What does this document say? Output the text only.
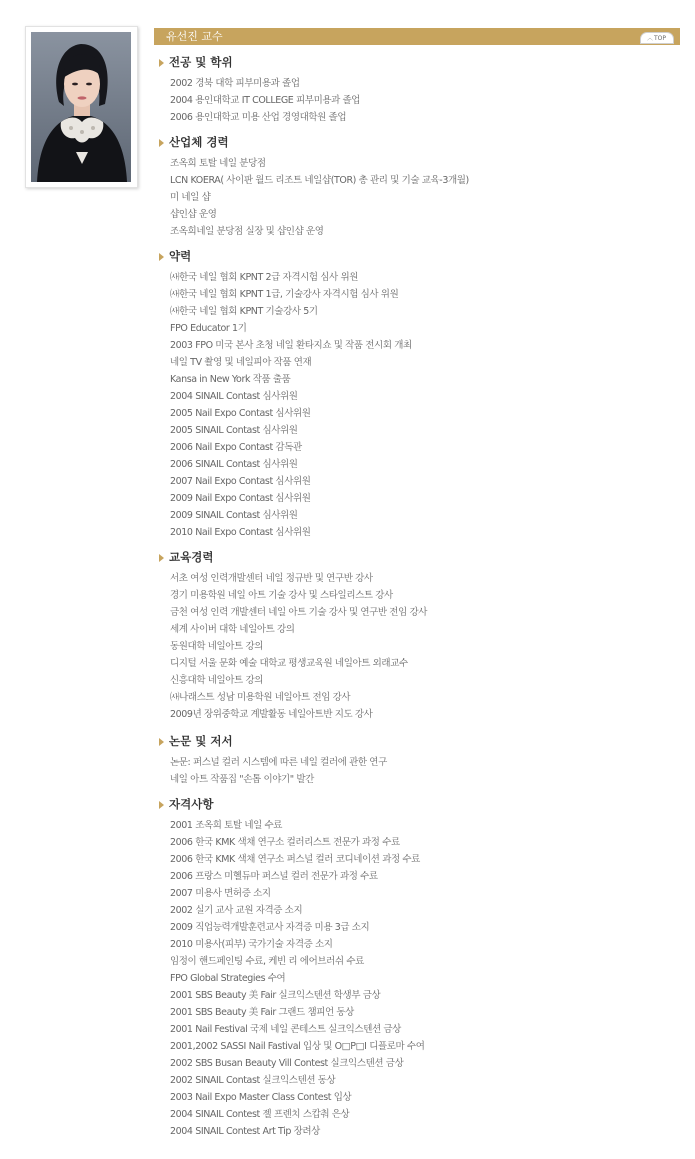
유선진 교수	︿ TOP
전공 및 학위
2002 경북 대학 피부미용과 졸업
2004 용인대학교 IT COLLEGE 피부미용과 졸업
2006 용인대학교 미용 산업 경영대학원 졸업
산업체 경력
조옥희 토탈 네일 분당점
LCN KOERA( 사이판 월드 리조트 네일샵(TOR) 총 관리 및 기술 교육-3개월)
미 네일 샵
샵인샵 운영
조옥희네일 분당점 실장 및 샵인샵 운영
약력
㈔한국 네일 협회 KPNT 2급 자격시험 심사 위원
㈔한국 네일 협회 KPNT 1급, 기술강사 자격시험 심사 위원
㈔한국 네일 협회 KPNT 기술강사 5기
FPO Educator 1기
2003 FPO 미국 본사 초청 네일 환타지쇼 및 작품 전시회 개최
네일 TV 촬영 및 네일피아 작품 연재
Kansa in New York 작품 출품
2004 SINAIL Contast 심사위원
2005 Nail Expo Contast 심사위원
2005 SINAIL Contast 심사위원
2006 Nail Expo Contast 감독관
2006 SINAIL Contast 심사위원
2007 Nail Expo Contast 심사위원
2009 Nail Expo Contast 심사위원
2009 SINAIL Contast 심사위원
2010 Nail Expo Contast 심사위원
교육경력
서초 여성 인력개발센터 네일 정규반 및 연구반 강사
경기 미용학원 네일 아트 기술 강사 및 스타일리스트 강사
금천 여성 인력 개발센터 네일 아트 기술 강사 및 연구반 전임 강사
세계 사이버 대학 네일아트 강의
동원대학 네일아트 강의
디지털 서울 문화 예술 대학교 평생교육원 네일아트 외래교수
신흥대학 네일아트 강의
㈔나래스트 성남 미용학원 네일아트 전임 강사
2009년 장위중학교 계발활동 네일아트반 지도 강사
논문 및 저서
논문: 퍼스널 컬러 시스템에 따른 네일 컬러에 관한 연구
네일 아트 작품집 "손톱 이야기" 발간
자격사항
2001 조옥희 토탈 네일 수료
2006 한국 KMK 색채 연구소 컬러리스트 전문가 과정 수료
2006 한국 KMK 색채 연구소 퍼스널 컬러 코디네이션 과정 수료
2006 프랑스 미헬듀마 퍼스널 컬러 전문가 과정 수료
2007 미용사 면허증 소지
2002 실기 교사 교원 자격증 소지
2009 직업능력개발훈련교사 자격증 미용 3급 소지
2010 미용사(피부) 국가기술 자격증 소지
임정이 핸드페인팅 수료, 케빈 리 에어브러쉬 수료
FPO Global Strategies 수여
2001 SBS Beauty 美 Fair 실크익스텐션 학생부 금상
2001 SBS Beauty 美 Fair 그랜드 챔피언 동상
2001 Nail Festival 국제 네일 콘테스트 실크익스텐션 금상
2001,2002 SASSI Nail Fastival 입상 및 O□P□I 디플로마 수여
2002 SBS Busan Beauty Vill Contest 실크익스텐션 금상
2002 SINAIL Contast 실크익스텐션 동상
2003 Nail Expo Master Class Contest 입상
2004 SINAIL Contest 젤 프렌치 스캅춰 은상
2004 SINAIL Contest Art Tip 장려상
